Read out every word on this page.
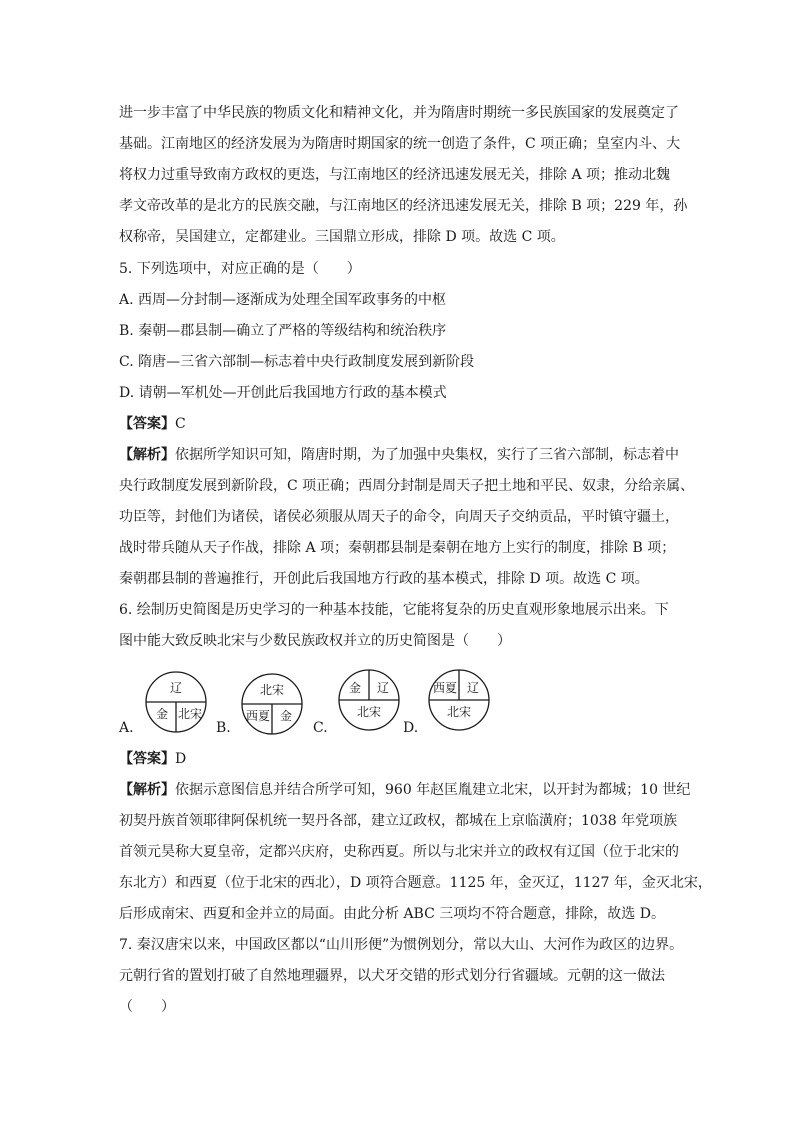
进一步丰富了中华民族的物质文化和精神文化，并为隋唐时期统一多民族国家的发展奠定了
基础。江南地区的经济发展为为隋唐时期国家的统一创造了条件，C 项正确；皇室内斗、大
将权力过重导致南方政权的更迭，与江南地区的经济迅速发展无关，排除 A 项；推动北魏
孝文帝改革的是北方的民族交融，与江南地区的经济迅速发展无关，排除 B 项；229 年，孙
权称帝，吴国建立，定都建业。三国鼎立形成，排除 D 项。故选 C 项。
5. 下列选项中，对应正确的是（　　）
A. 西周—分封制—逐渐成为处理全国军政事务的中枢
B. 秦朝—郡县制—确立了严格的等级结构和统治秩序
C. 隋唐—三省六部制—标志着中央行政制度发展到新阶段
D. 请朝—军机处—开创此后我国地方行政的基本模式
【答案】C
【解析】依据所学知识可知，隋唐时期，为了加强中央集权，实行了三省六部制，标志着中
央行政制度发展到新阶段，C 项正确；西周分封制是周天子把土地和平民、奴隶，分给亲属、
功臣等，封他们为诸侯，诸侯必须服从周天子的命令，向周天子交纳贡品，平时镇守疆土，
战时带兵随从天子作战，排除 A 项；秦朝郡县制是秦朝在地方上实行的制度，排除 B 项；
秦朝郡县制的普遍推行，开创此后我国地方行政的基本模式，排除 D 项。故选 C 项。
6. 绘制历史简图是历史学习的一种基本技能，它能将复杂的历史直观形象地展示出来。下
图中能大致反映北宋与少数民族政权并立的历史简图是（　　）
A.
辽
金 北宋
B.
北宋
西夏 金
C.
金 辽
北宋
D.
西夏 辽
北宋
【答案】D
【解析】依据示意图信息并结合所学可知，960 年赵匡胤建立北宋，以开封为都城；10 世纪
初契丹族首领耶律阿保机统一契丹各部，建立辽政权，都城在上京临潢府；1038 年党项族
首领元昊称大夏皇帝，定都兴庆府，史称西夏。所以与北宋并立的政权有辽国（位于北宋的
东北方）和西夏（位于北宋的西北），D 项符合题意。1125 年，金灭辽，1127 年，金灭北宋，
后形成南宋、西夏和金并立的局面。由此分析 ABC 三项均不符合题意，排除，故选 D。
7. 秦汉唐宋以来，中国政区都以“山川形便”为惯例划分，常以大山、大河作为政区的边界。
元朝行省的置划打破了自然地理疆界，以犬牙交错的形式划分行省疆域。元朝的这一做法
（　　）
